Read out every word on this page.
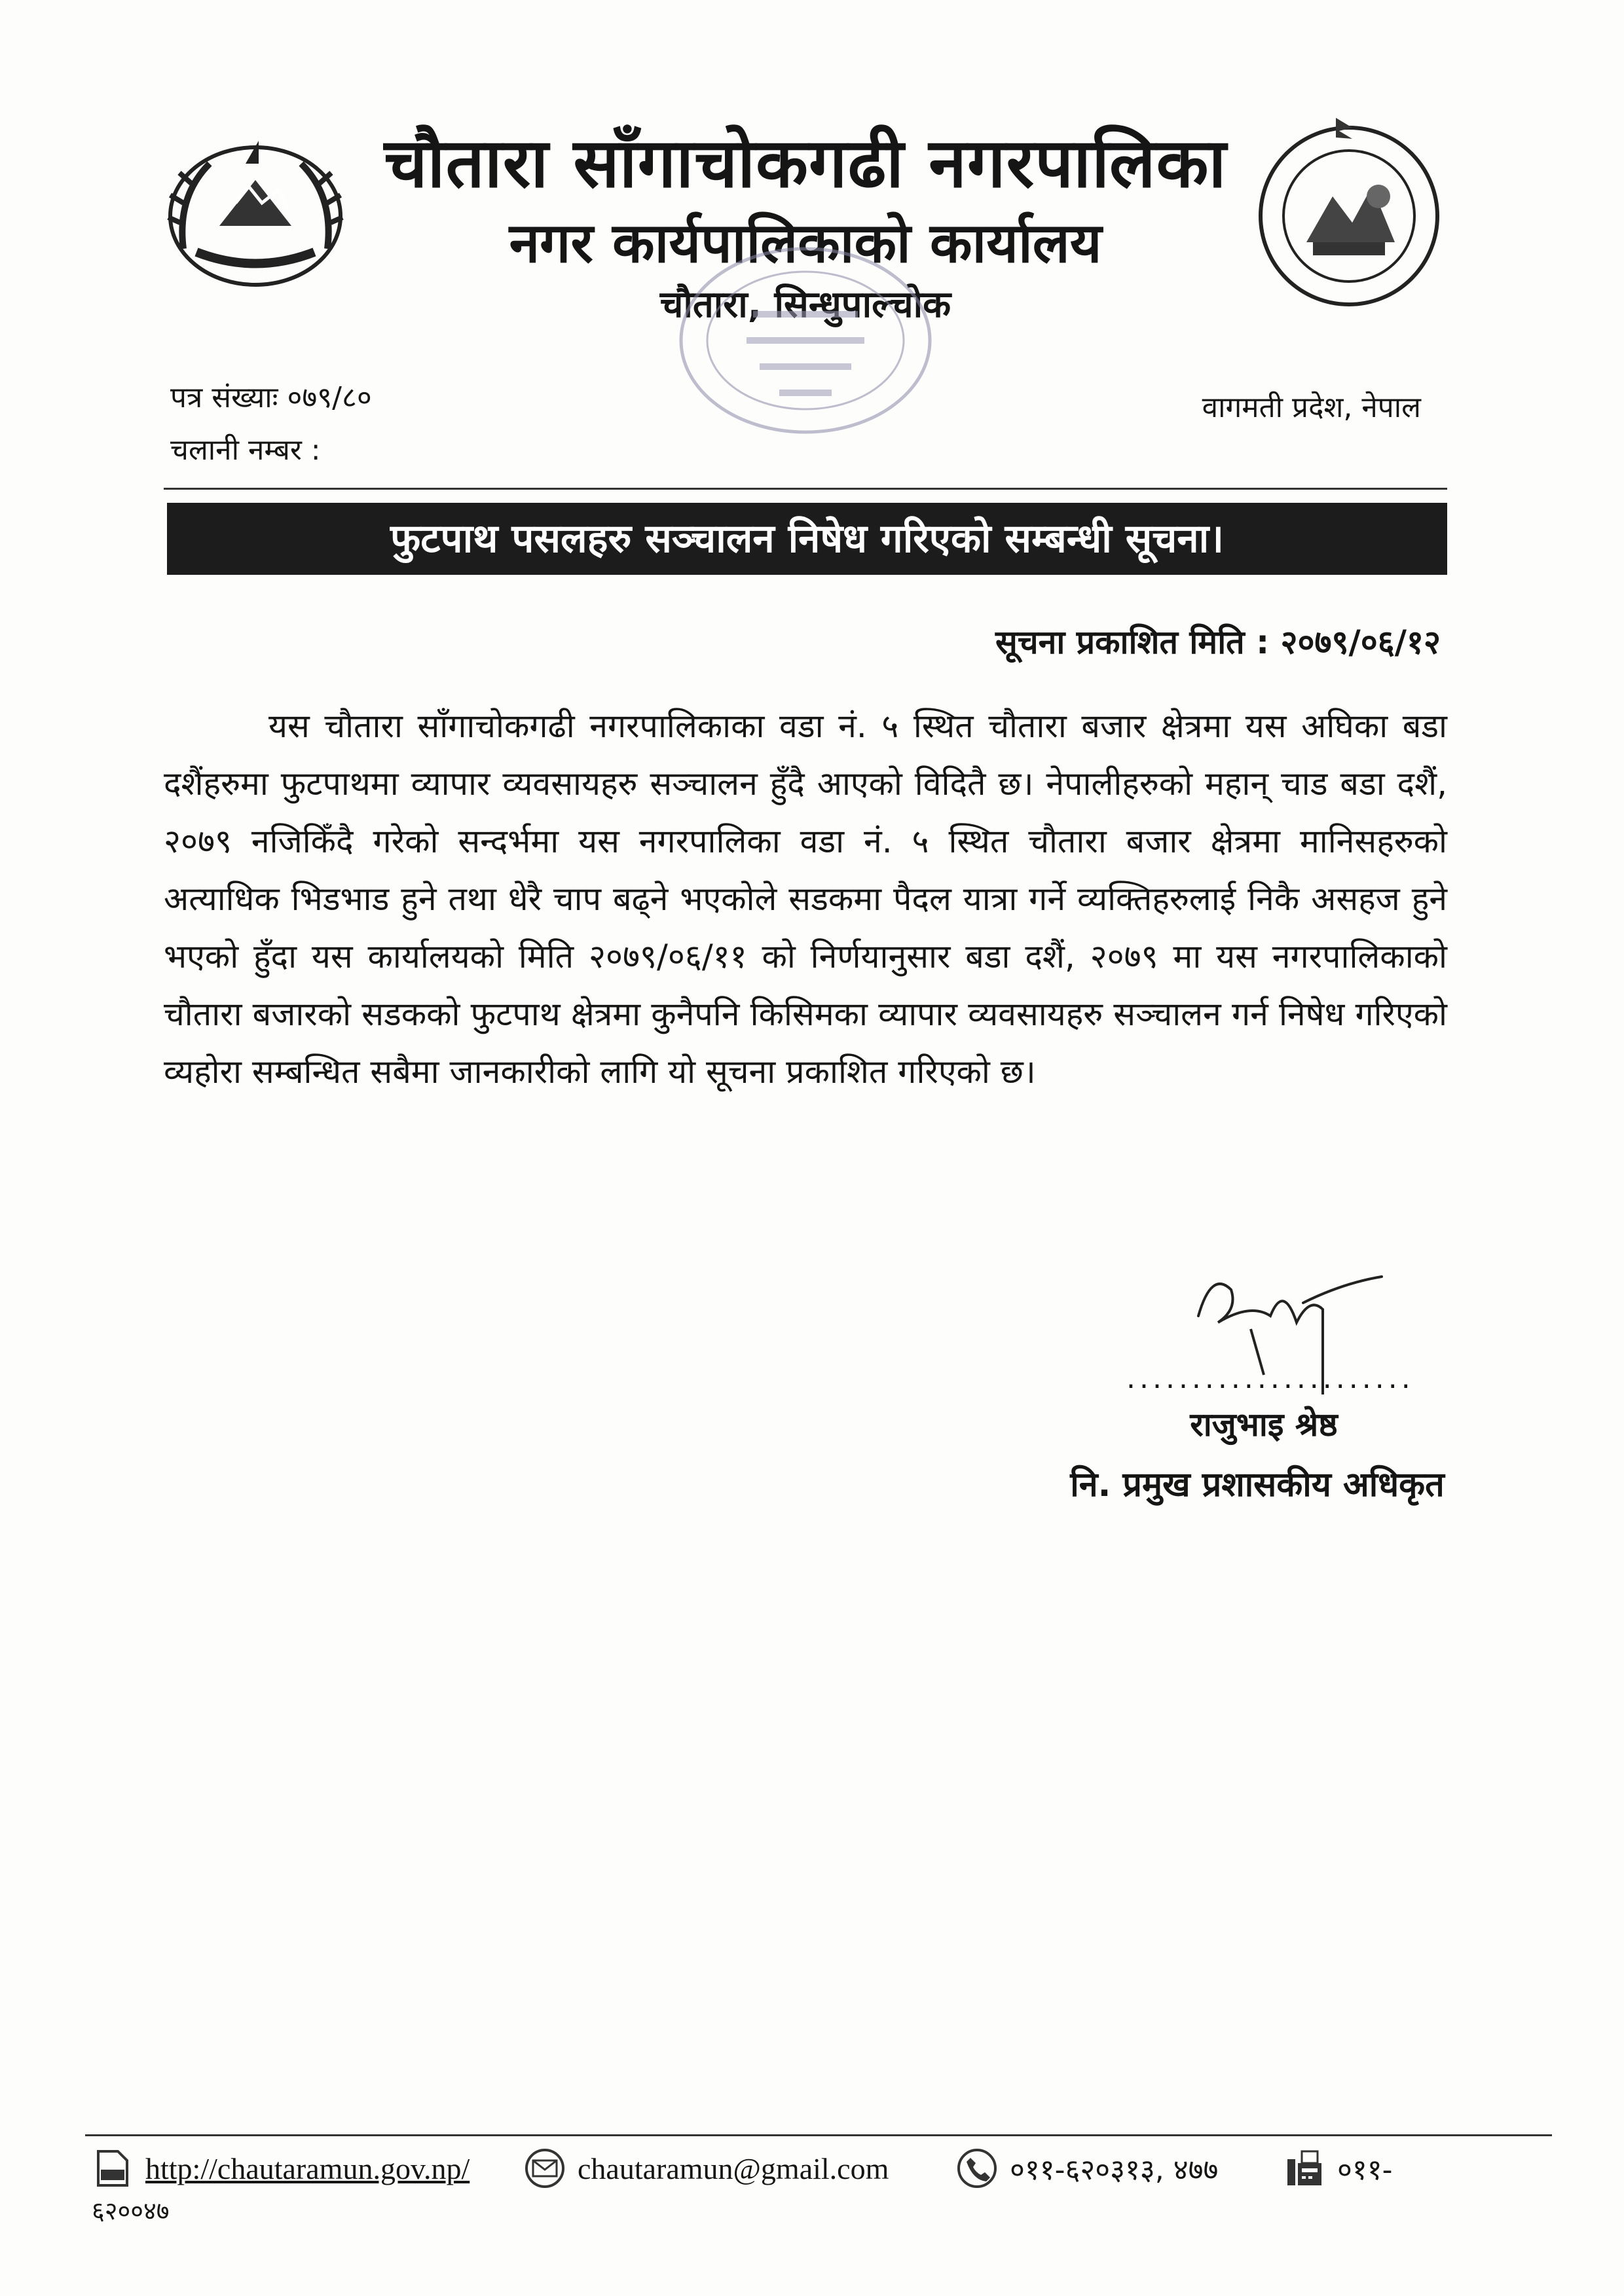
चौतारा साँगाचोकगढी नगरपालिका
नगर कार्यपालिकाको कार्यालय
चौतारा, सिन्धुपाल्चोक
पत्र संख्याः ०७९/८०
चलानी नम्बर :
वागमती प्रदेश, नेपाल
फुटपाथ पसलहरु सञ्चालन निषेध गरिएको सम्बन्धी सूचना।
सूचना प्रकाशित मिति : २०७९/०६/१२
यस चौतारा साँगाचोकगढी नगरपालिकाका वडा नं. ५ स्थित चौतारा बजार क्षेत्रमा यस अघिका बडा दशैंहरुमा फुटपाथमा व्यापार व्यवसायहरु सञ्चालन हुँदै आएको विदितै छ। नेपालीहरुको महान् चाड बडा दशैं, २०७९ नजिकिँदै गरेको सन्दर्भमा यस नगरपालिका वडा नं. ५ स्थित चौतारा बजार क्षेत्रमा मानिसहरुको अत्याधिक भिडभाड हुने तथा धेरै चाप बढ्ने भएकोले सडकमा पैदल यात्रा गर्ने व्यक्तिहरुलाई निकै असहज हुने भएको हुँदा यस कार्यालयको मिति २०७९/०६/११ को निर्णयानुसार बडा दशैं, २०७९ मा यस नगरपालिकाको चौतारा बजारको सडकको फुटपाथ क्षेत्रमा कुनैपनि किसिमका व्यापार व्यवसायहरु सञ्चालन गर्न निषेध गरिएको व्यहोरा सम्बन्धित सबैमा जानकारीको लागि यो सूचना प्रकाशित गरिएको छ।
......................
राजुभाइ श्रेष्ठ
नि. प्रमुख प्रशासकीय अधिकृत
http://chautaramun.gov.np/	chautaramun@gmail.com	०११-६२०३१३, ४७७	०११-
६२००४७
